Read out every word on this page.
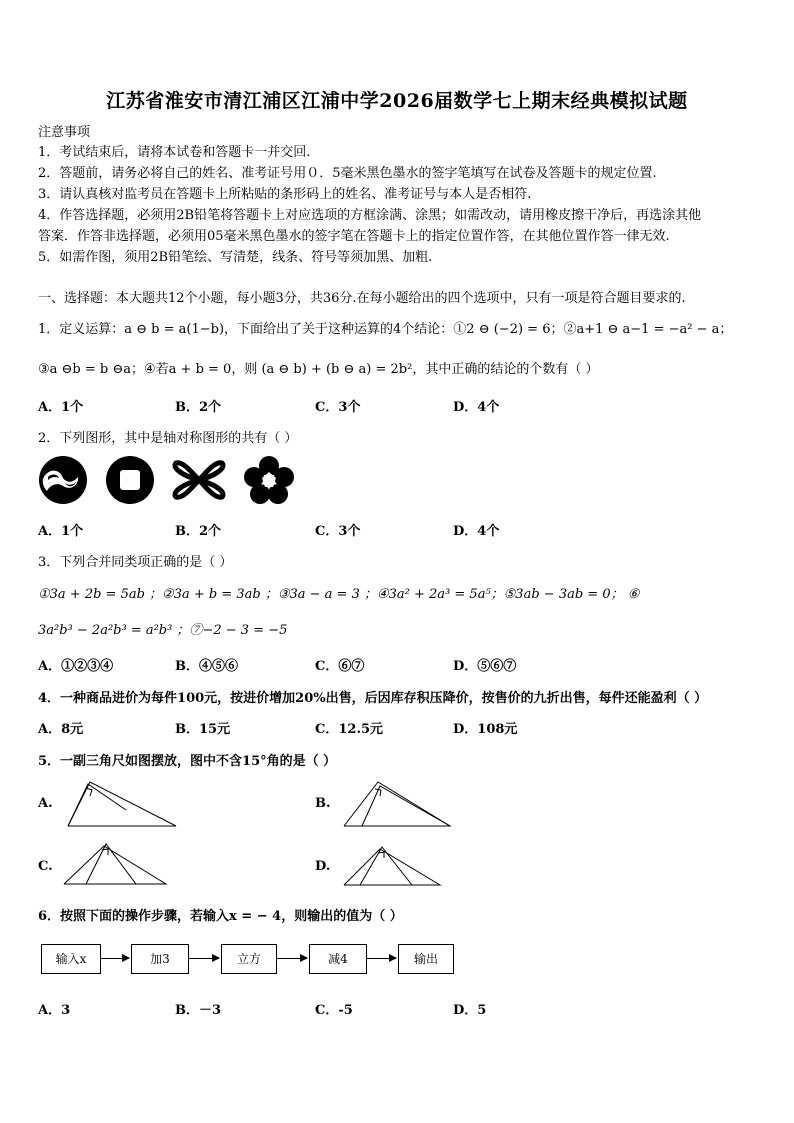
江苏省淮安市清江浦区江浦中学2026届数学七上期末经典模拟试题
注意事项
1．考试结束后，请将本试卷和答题卡一并交回.
2．答题前，请务必将自己的姓名、准考证号用０．5毫米黑色墨水的签字笔填写在试卷及答题卡的规定位置.
3．请认真核对监考员在答题卡上所粘贴的条形码上的姓名、准考证号与本人是否相符.
4．作答选择题，必须用2B铅笔将答题卡上对应选项的方框涂满、涂黑；如需改动，请用橡皮擦干净后，再选涂其他
答案．作答非选择题，必须用05毫米黑色墨水的签字笔在答题卡上的指定位置作答，在其他位置作答一律无效.
5．如需作图，须用2B铅笔绘、写清楚，线条、符号等须加黑、加粗.
一、选择题：本大题共12个小题，每小题3分，共36分.在每小题给出的四个选项中，只有一项是符合题目要求的.
1．定义运算：a ⊖ b = a(1−b)，下面给出了关于这种运算的4个结论：①2 ⊖ (−2) = 6；②a+1 ⊖ a−1 = −a² − a；
③a ⊖b = b ⊖a；④若a + b = 0，则 (a ⊖ b) + (b ⊖ a) = 2b²，其中正确的结论的个数有（ ）
A．1个	B．2个	C．3个	D．4个
2．下列图形，其中是轴对称图形的共有（ ）
A．1个	B．2个	C．3个	D．4个
3．下列合并同类项正确的是（ ）
①3a + 2b = 5ab ；②3a + b = 3ab ；③3a − a = 3 ；④3a² + 2a³ = 5a⁵；⑤3ab − 3ab = 0； ⑥
3a²b³ − 2a²b³ = a²b³ ；⑦−2 − 3 = −5
A．①②③④	B．④⑤⑥	C．⑥⑦	D．⑤⑥⑦
4．一种商品进价为每件100元，按进价增加20%出售，后因库存积压降价，按售价的九折出售，每件还能盈利（ ）
A．8元	B．15元	C．12.5元	D．108元
5．一副三角尺如图摆放，图中不含15°角的是（ ）
A.	B.
C.	D.
6．按照下面的操作步骤，若输入x = − 4，则输出的值为（ ）
输入x	加3	立方	减4	输出
A．3	B．－3	C．-5	D．5
